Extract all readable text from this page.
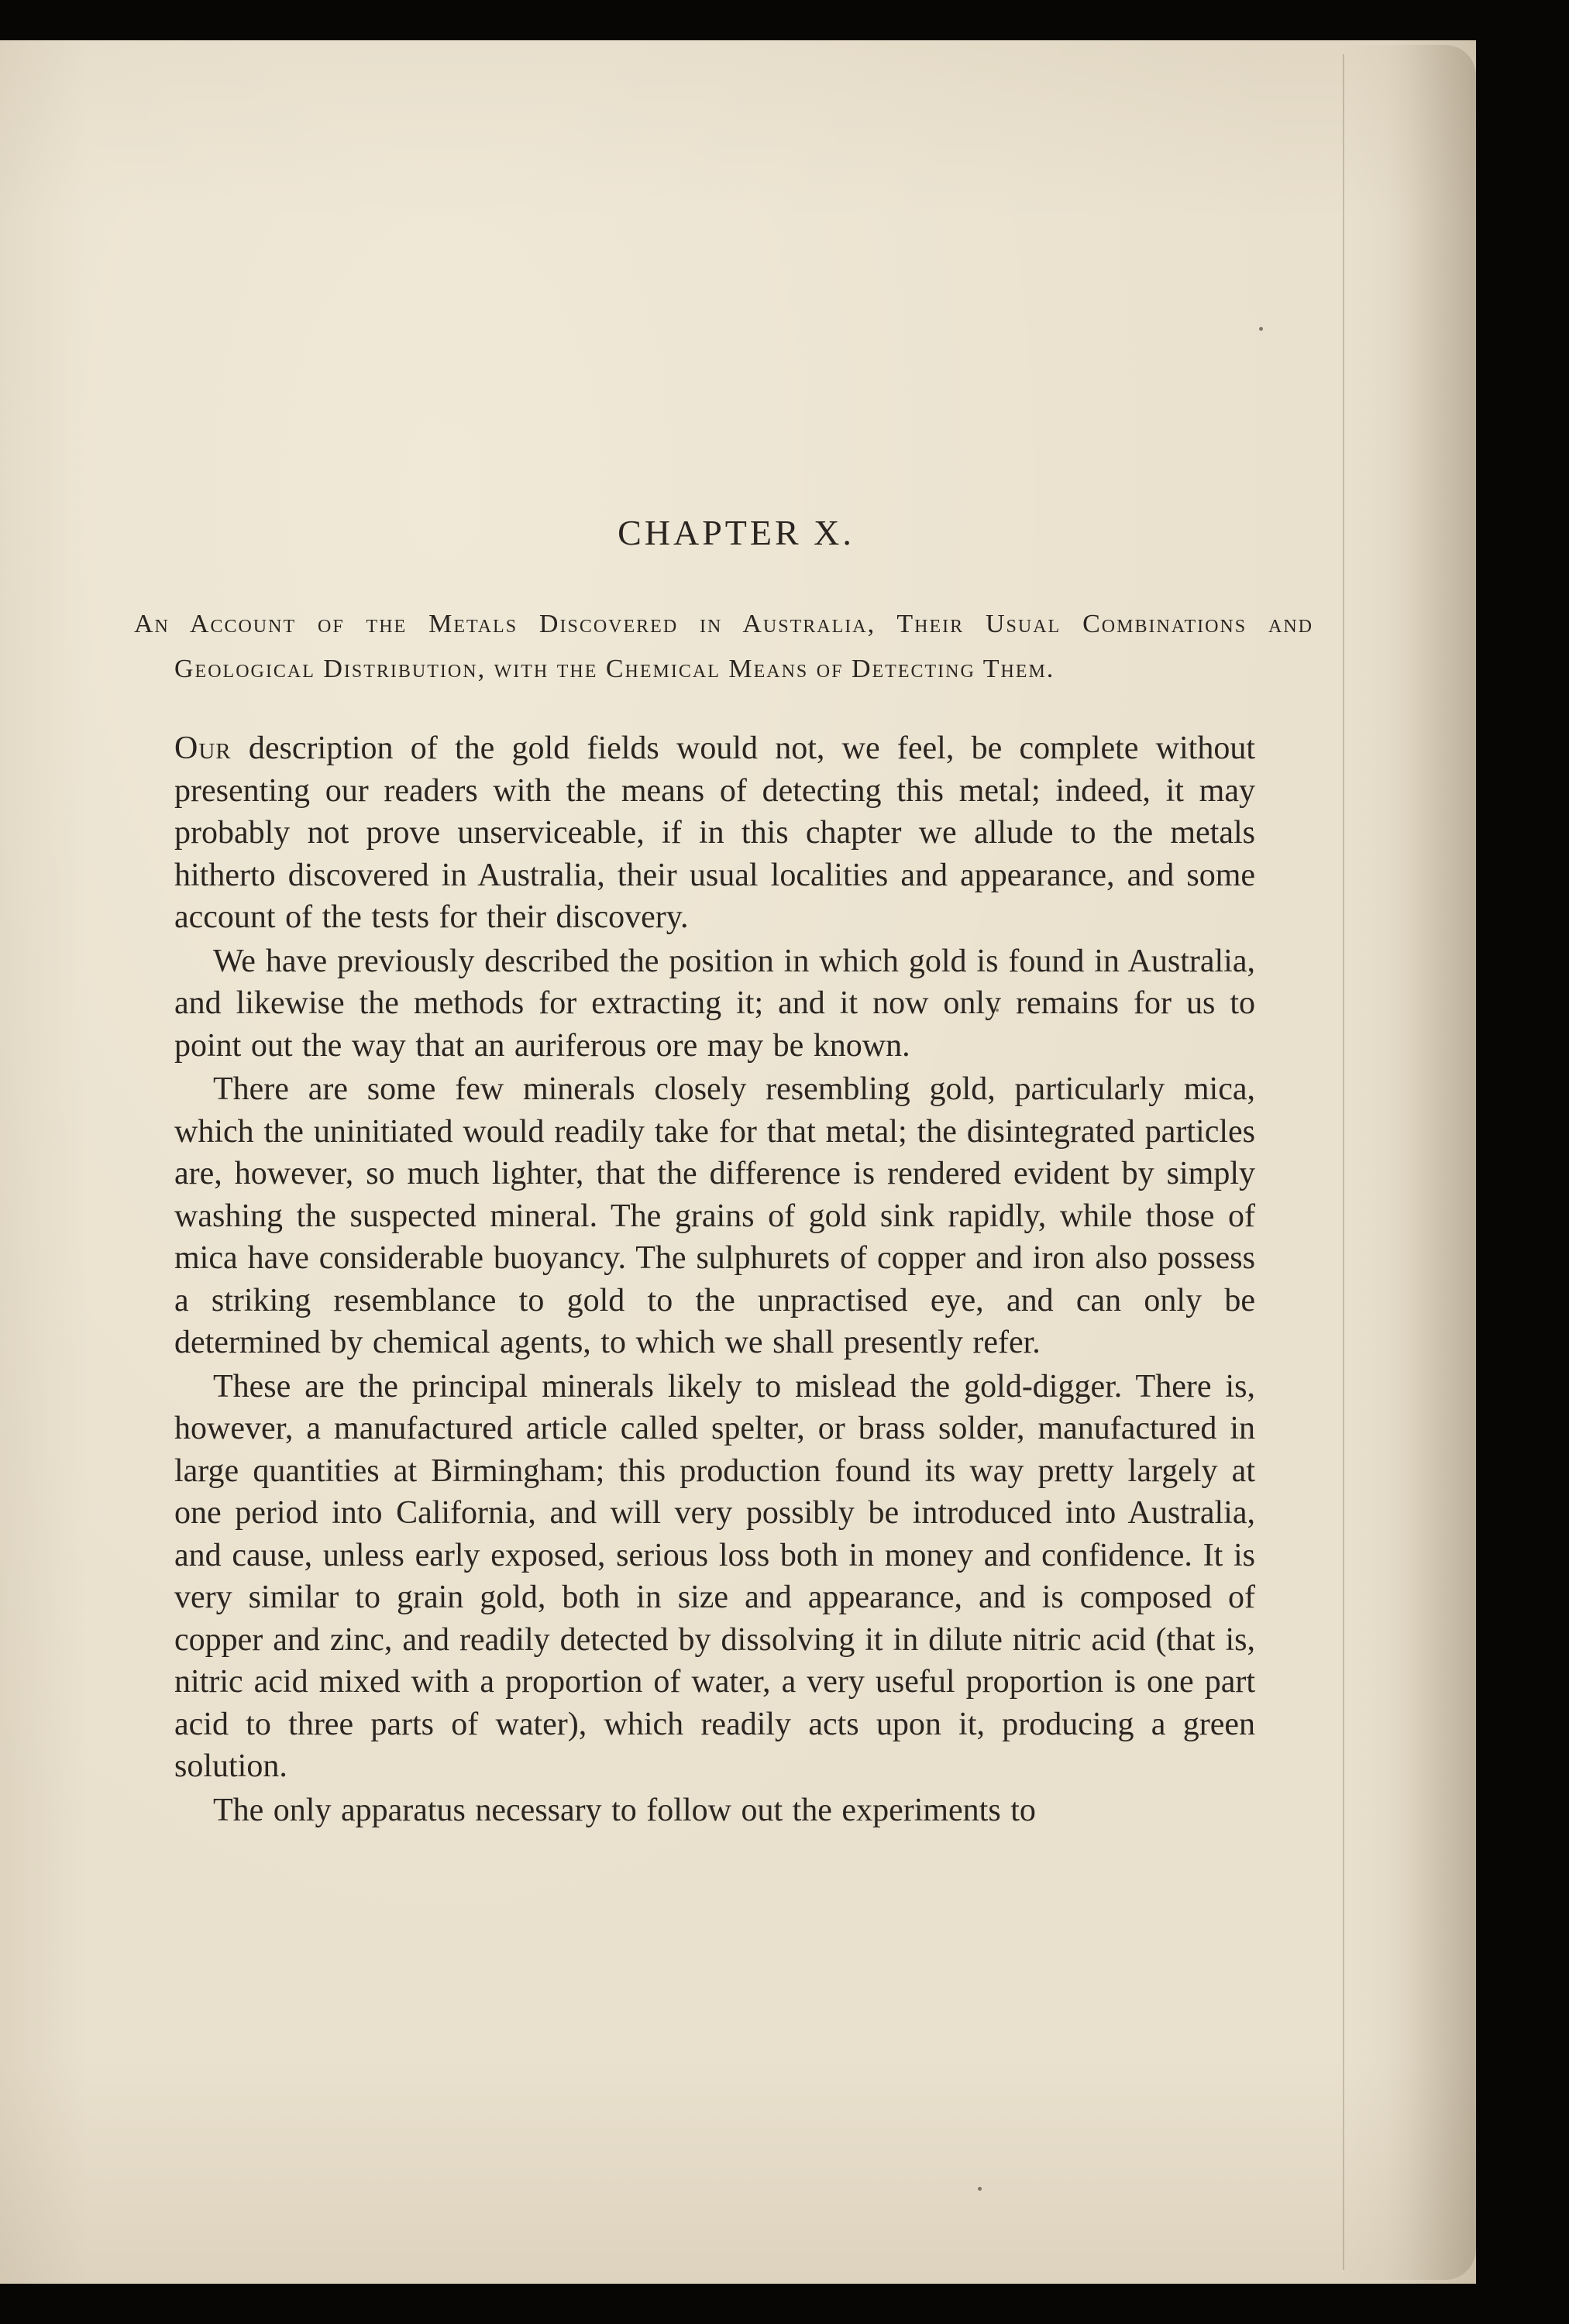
CHAPTER X.

An Account of the Metals Discovered in Australia, Their Usual Combinations and Geological Distribution, with the Chemical Means of Detecting Them.

Our description of the gold fields would not, we feel, be complete without presenting our readers with the means of detecting this metal; indeed, it may probably not prove unserviceable, if in this chapter we allude to the metals hitherto discovered in Australia, their usual localities and appearance, and some account of the tests for their discovery.

We have previously described the position in which gold is found in Australia, and likewise the methods for extracting it; and it now only remains for us to point out the way that an auriferous ore may be known.

There are some few minerals closely resembling gold, particularly mica, which the uninitiated would readily take for that metal; the disintegrated particles are, however, so much lighter, that the difference is rendered evident by simply washing the suspected mineral. The grains of gold sink rapidly, while those of mica have considerable buoyancy. The sulphurets of copper and iron also possess a striking resemblance to gold to the unpractised eye, and can only be determined by chemical agents, to which we shall presently refer.

These are the principal minerals likely to mislead the gold-digger. There is, however, a manufactured article called spelter, or brass solder, manufactured in large quantities at Birmingham; this production found its way pretty largely at one period into California, and will very possibly be introduced into Australia, and cause, unless early exposed, serious loss both in money and confidence. It is very similar to grain gold, both in size and appearance, and is composed of copper and zinc, and readily detected by dissolving it in dilute nitric acid (that is, nitric acid mixed with a proportion of water, a very useful proportion is one part acid to three parts of water), which readily acts upon it, producing a green solution.

The only apparatus necessary to follow out the experiments to
